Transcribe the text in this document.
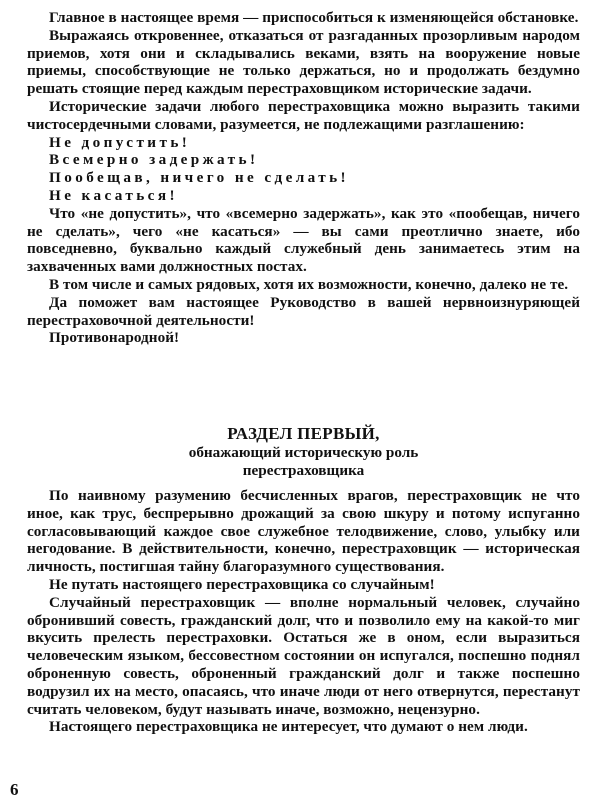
Главное в настоящее время — приспособиться к изменяющейся обстановке.

Выражаясь откровеннее, отказаться от разгаданных прозорливым народом приемов, хотя они и складывались веками, взять на вооружение новые приемы, способствующие не только держаться, но и продолжать бездумно решать стоящие перед каждым перестраховщиком исторические задачи.

Исторические задачи любого перестраховщика можно выразить такими чистосердечными словами, разумеется, не подлежащими разглашению:

Не допустить!

Всемерно задержать!

Пообещав, ничего не сделать!

Не касаться!

Что «не допустить», что «всемерно задержать», как это «пообещав, ничего не сделать», чего «не касаться» — вы сами преотлично знаете, ибо повседневно, буквально каждый служебный день занимаетесь этим на захваченных вами должностных постах.

В том числе и самых рядовых, хотя их возможности, конечно, далеко не те.

Да поможет вам настоящее Руководство в вашей нервноизнуряющей перестраховочной деятельности!

Противонародной!

РАЗДЕЛ ПЕРВЫЙ,
обнажающий историческую роль
перестраховщика

По наивному разумению бесчисленных врагов, перестраховщик не что иное, как трус, беспрерывно дрожащий за свою шкуру и потому испуганно согласовывающий каждое свое служебное телодвижение, слово, улыбку или негодование. В действительности, конечно, перестраховщик — историческая личность, постигшая тайну благоразумного существования.

Не путать настоящего перестраховщика со случайным!

Случайный перестраховщик — вполне нормальный человек, случайно обронивший совесть, гражданский долг, что и позволило ему на какой-то миг вкусить прелесть перестраховки. Остаться же в оном, если выразиться человеческим языком, бессовестном состоянии он испугался, поспешно поднял оброненную совесть, оброненный гражданский долг и также поспешно водрузил их на место, опасаясь, что иначе люди от него отвернутся, перестанут считать человеком, будут называть иначе, возможно, нецензурно.

Настоящего перестраховщика не интересует, что думают о нем люди.

6
